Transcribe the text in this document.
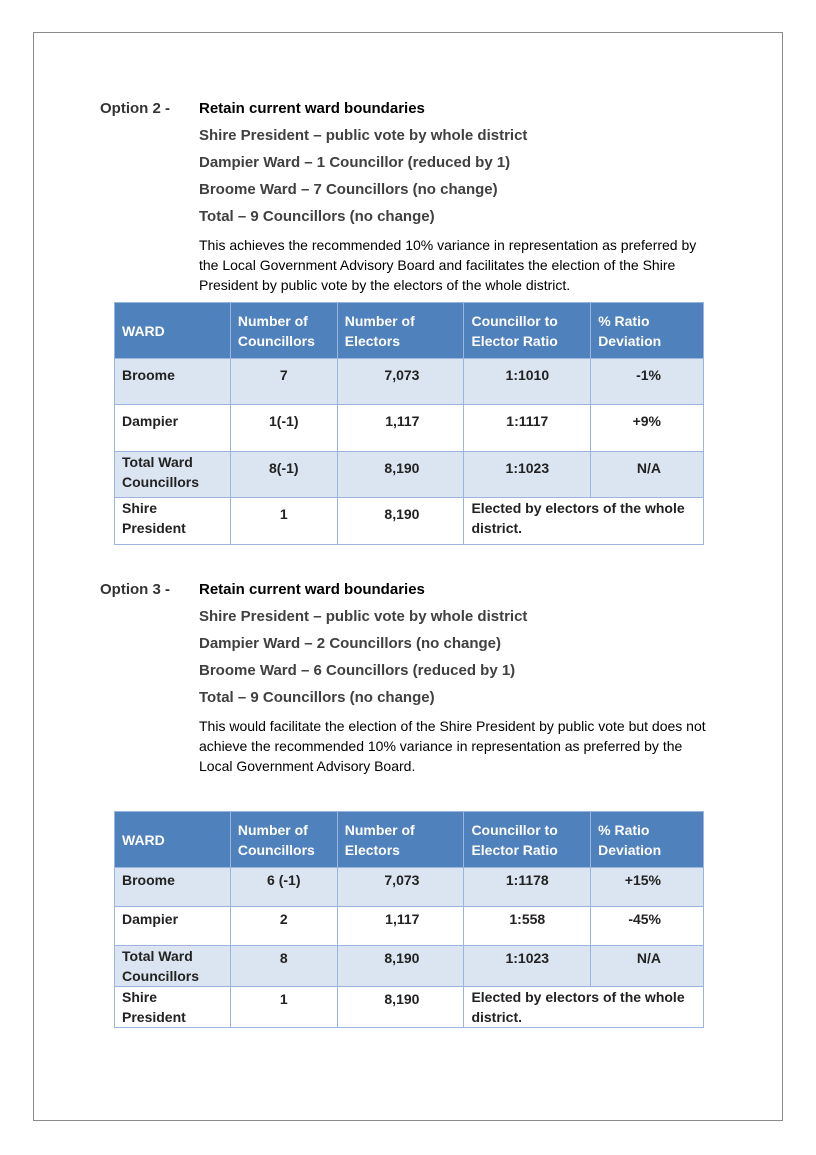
Option 2 - Retain current ward boundaries

Shire President – public vote by whole district

Dampier Ward – 1 Councillor (reduced by 1)

Broome Ward – 7 Councillors (no change)

Total – 9 Councillors (no change)

This achieves the recommended 10% variance in representation as preferred by the Local Government Advisory Board and facilitates the election of the Shire President by public vote by the electors of the whole district.

WARD	Number of Councillors	Number of Electors	Councillor to Elector Ratio	% Ratio Deviation
Broome	7	7,073	1:1010	-1%
Dampier	1(-1)	1,117	1:1117	+9%
Total Ward Councillors	8(-1)	8,190	1:1023	N/A
Shire President	1	8,190	Elected by electors of the whole district.	
Option 3 - Retain current ward boundaries

Shire President – public vote by whole district

Dampier Ward – 2 Councillors (no change)

Broome Ward – 6 Councillors (reduced by 1)

Total – 9 Councillors (no change)

This would facilitate the election of the Shire President by public vote but does not achieve the recommended 10% variance in representation as preferred by the Local Government Advisory Board.

WARD	Number of Councillors	Number of Electors	Councillor to Elector Ratio	% Ratio Deviation
Broome	6 (-1)	7,073	1:1178	+15%
Dampier	2	1,117	1:558	-45%
Total Ward Councillors	8	8,190	1:1023	N/A
Shire President	1	8,190	Elected by electors of the whole district.	
